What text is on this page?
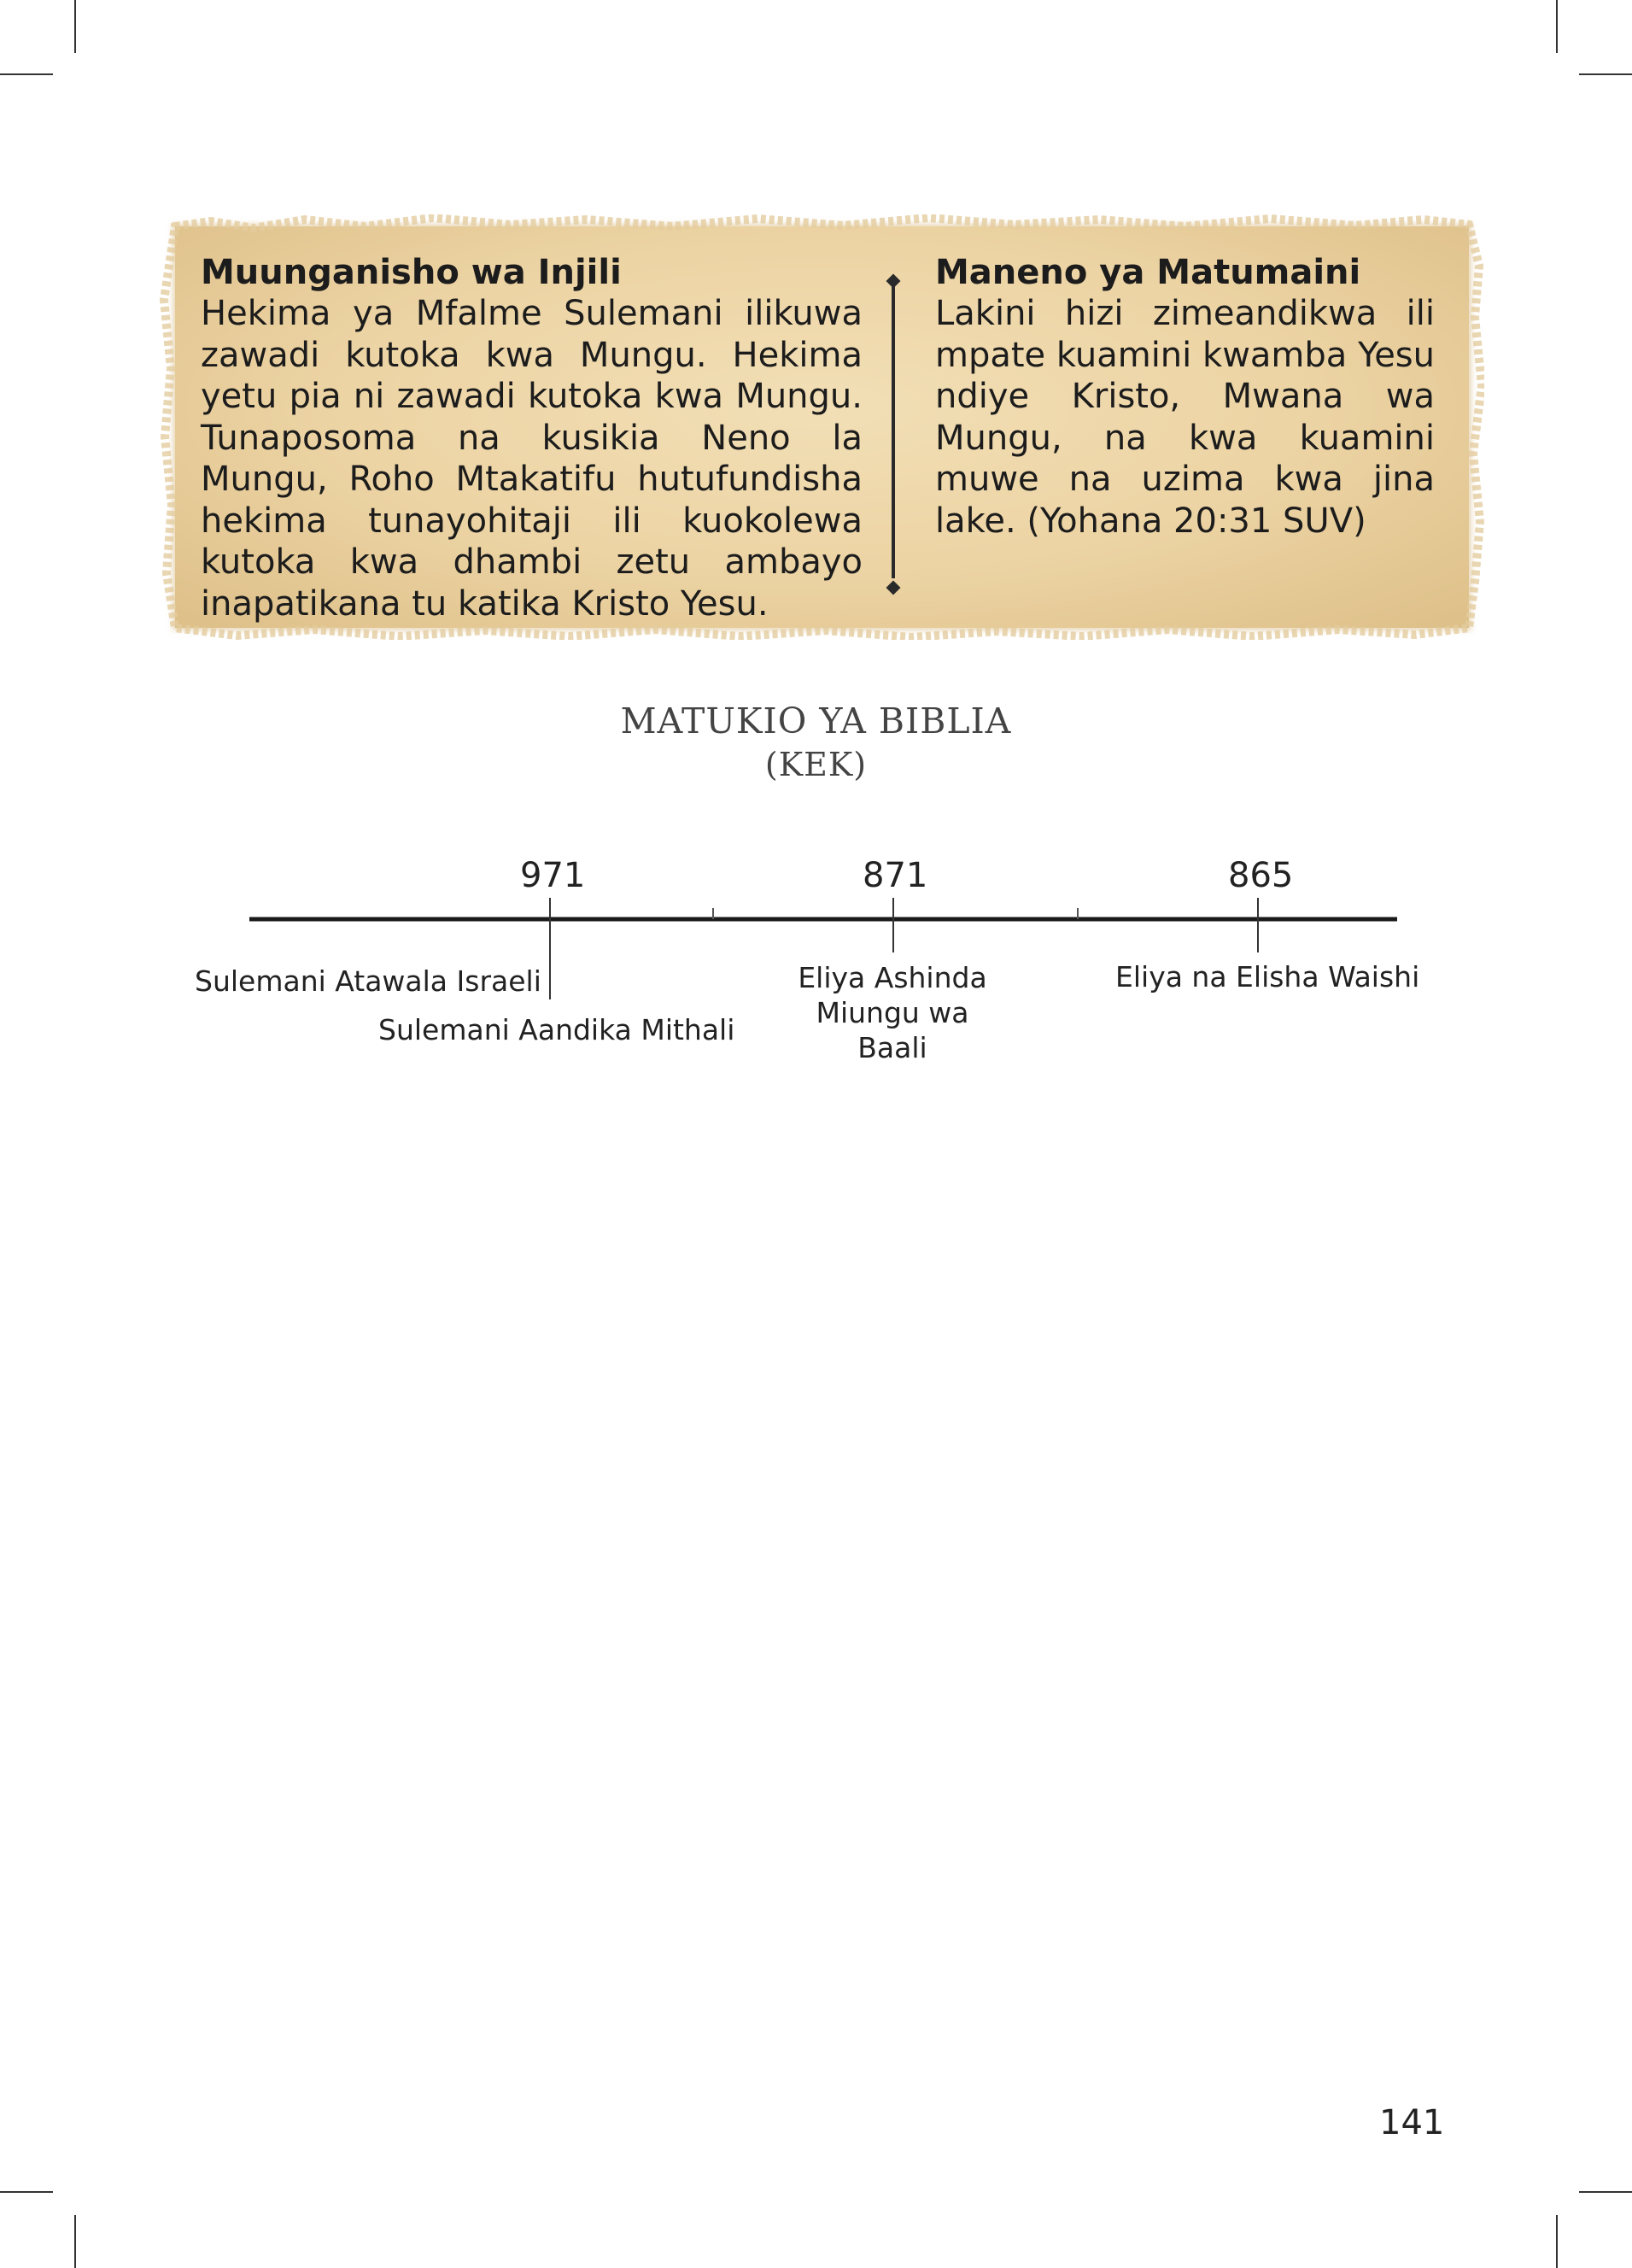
Muunganisho wa Injili

Hekima ya Mfalme Sulemani ilikuwa zawadi kutoka kwa Mungu. Hekima yetu pia ni zawadi kutoka kwa Mungu. Tunaposoma na kusikia Neno la Mungu, Roho Mtakatifu hutufundisha hekima tunayohitaji ili kuokolewa kutoka kwa dhambi zetu ambayo inapatikana tu katika Kristo Yesu.

Maneno ya Matumaini

Lakini hizi zimeandikwa ili mpate kuamini kwamba Yesu ndiye Kristo, Mwana wa Mungu, na kwa kuamini muwe na uzima kwa jina lake. (Yohana 20:31 SUV)

MATUKIO YA BIBLIA
(KEK)
971	871	865
Sulemani Atawala Israeli
Sulemani Aandika Mithali
Eliya Ashinda Miungu wa Baali
Eliya na Elisha Waishi
141
